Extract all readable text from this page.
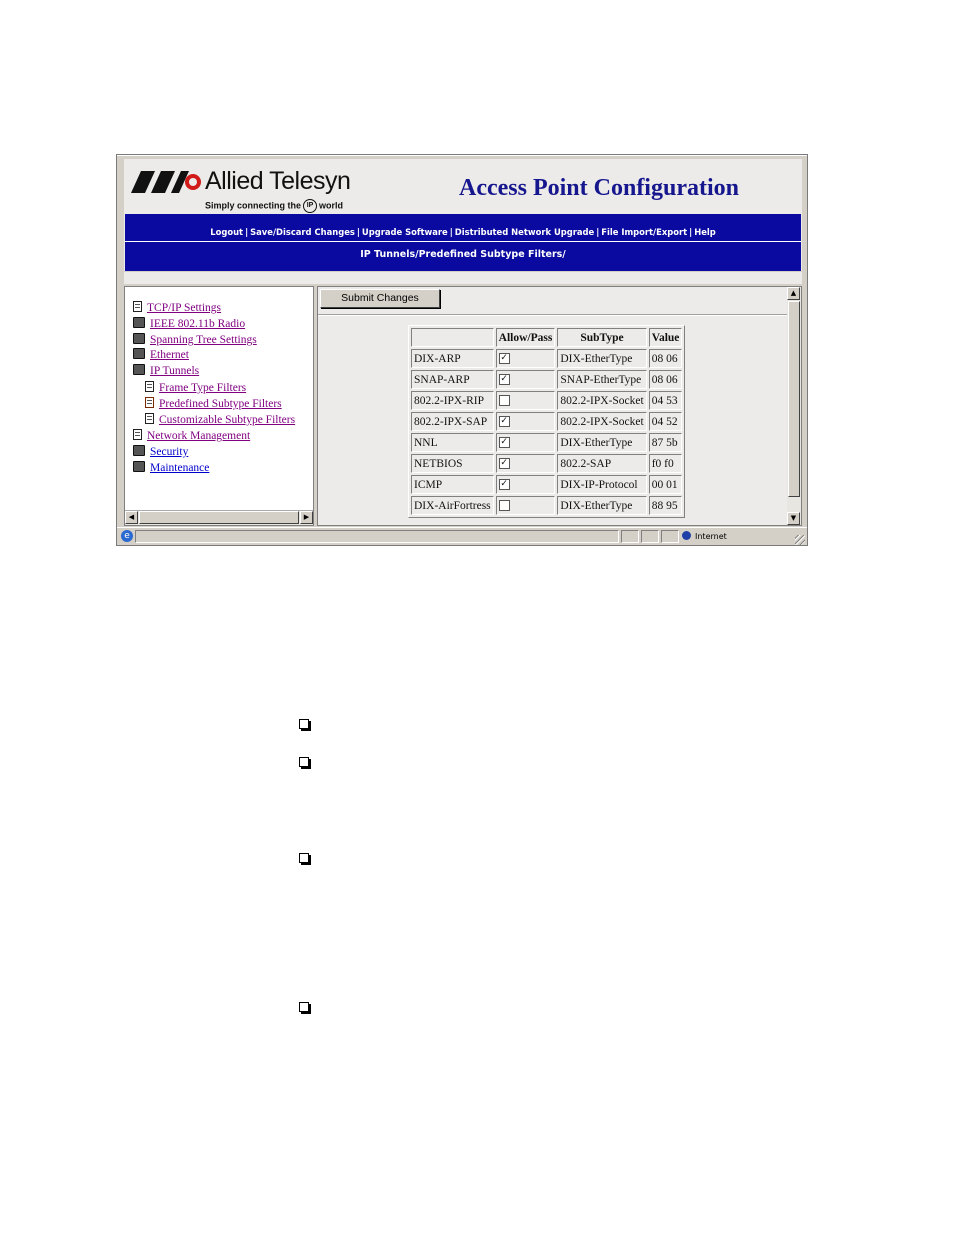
Allied Telesyn
Simply connecting the IP world
Access Point Configuration
Logout | Save/Discard Changes | Upgrade Software | Distributed Network Upgrade | File Import/Export | Help
IP Tunnels/Predefined Subtype Filters/
TCP/IP Settings
IEEE 802.11b Radio
Spanning Tree Settings
Ethernet
IP Tunnels
Frame Type Filters
Predefined Subtype Filters
Customizable Subtype Filters
Network Management
Security
Maintenance
◀	▶
Submit Changes
	Allow/Pass	SubType	Value
DIX-ARP	✓	DIX-EtherType	08 06
SNAP-ARP	✓	SNAP-EtherType	08 06
802.2-IPX-RIP		802.2-IPX-Socket	04 53
802.2-IPX-SAP	✓	802.2-IPX-Socket	04 52
NNL	✓	DIX-EtherType	87 5b
NETBIOS	✓	802.2-SAP	f0 f0
ICMP	✓	DIX-IP-Protocol	00 01
DIX-AirFortress		DIX-EtherType	88 95
▲
▼
e	Internet
